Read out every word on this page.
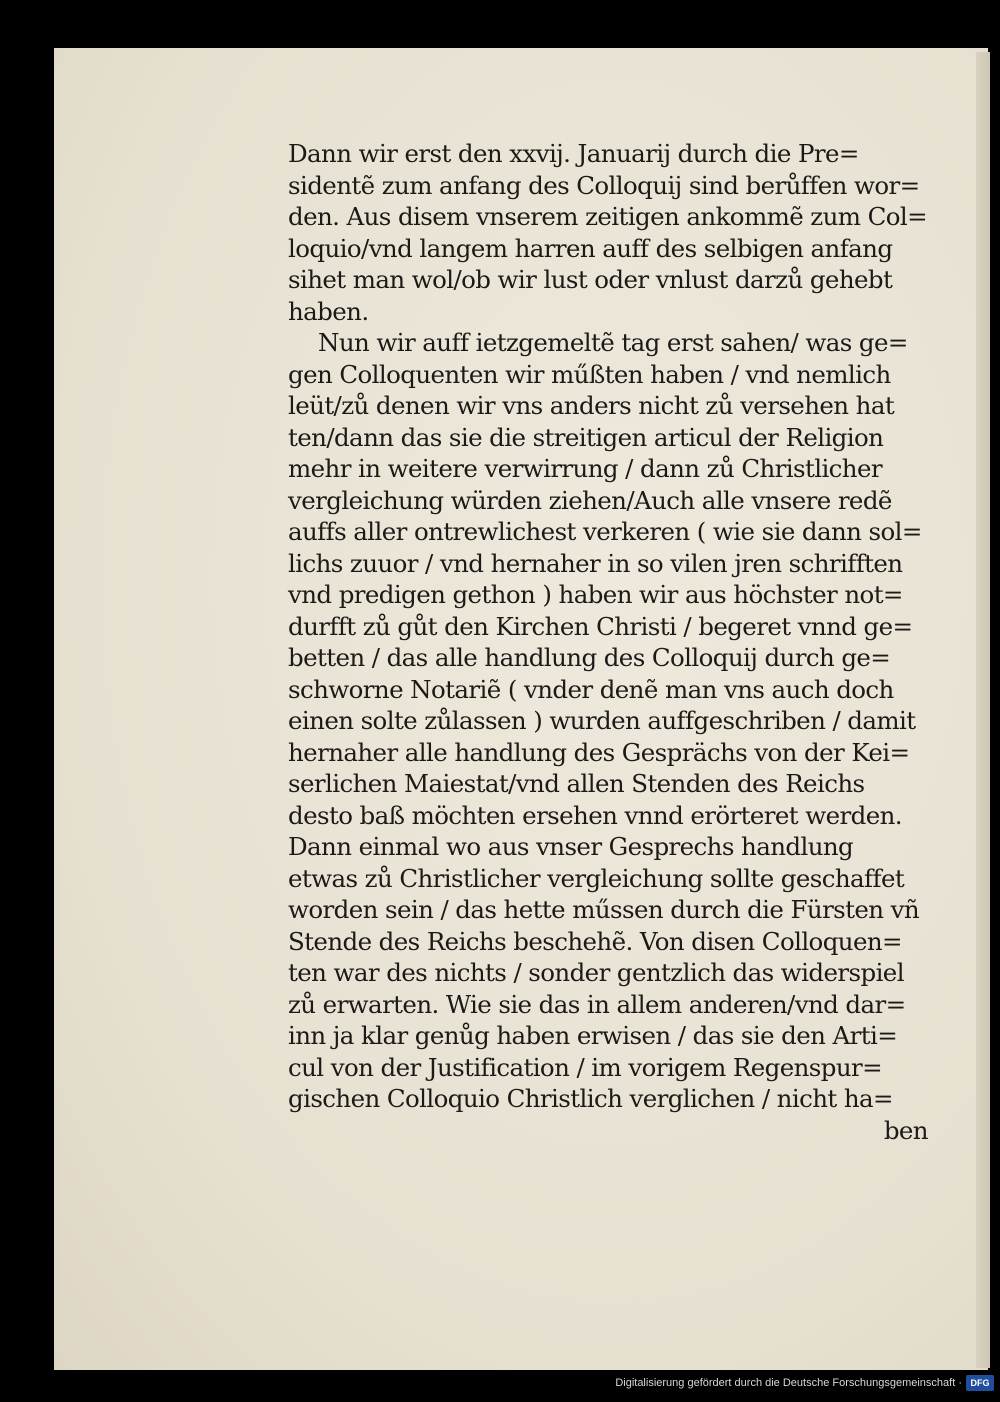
Dann wir erst den xxvij. Januarij durch die Pre=
sidentẽ zum anfang des Colloquij sind berůffen wor=
den. Aus disem vnserem zeitigen ankommẽ zum Col=
loquio/vnd langem harren auff des selbigen anfang
sihet man wol/ob wir lust oder vnlust darzů gehebt
haben.
Nun wir auff ietzgemeltẽ tag erst sahen/ was ge=
gen Colloquenten wir műßten haben / vnd nemlich
leüt/zů denen wir vns anders nicht zů versehen hat
ten/dann das sie die streitigen articul der Religion
mehr in weitere verwirrung / dann zů Christlicher
vergleichung würden ziehen/Auch alle vnsere redẽ
auffs aller ontrewlichest verkeren ( wie sie dann sol=
lichs zuuor / vnd hernaher in so vilen jren schrifften
vnd predigen gethon ) haben wir aus höchster not=
durfft zů gůt den Kirchen Christi / begeret vnnd ge=
betten / das alle handlung des Colloquij durch ge=
schworne Notariẽ ( vnder denẽ man vns auch doch
einen solte zůlassen ) wurden auffgeschriben / damit
hernaher alle handlung des Gesprächs von der Kei=
serlichen Maiestat/vnd allen Stenden des Reichs
desto baß möchten ersehen vnnd erörteret werden.
Dann einmal wo aus vnser Gesprechs handlung
etwas zů Christlicher vergleichung sollte geschaffet
worden sein / das hette műssen durch die Fürsten vñ
Stende des Reichs beschehẽ. Von disen Colloquen=
ten war des nichts / sonder gentzlich das widerspiel
zů erwarten. Wie sie das in allem anderen/vnd dar=
inn ja klar genůg haben erwisen / das sie den Arti=
cul von der Justification / im vorigem Regenspur=
gischen Colloquio Christlich verglichen / nicht ha=
ben
Digitalisierung gefördert durch die Deutsche Forschungsgemeinschaft · DFG
